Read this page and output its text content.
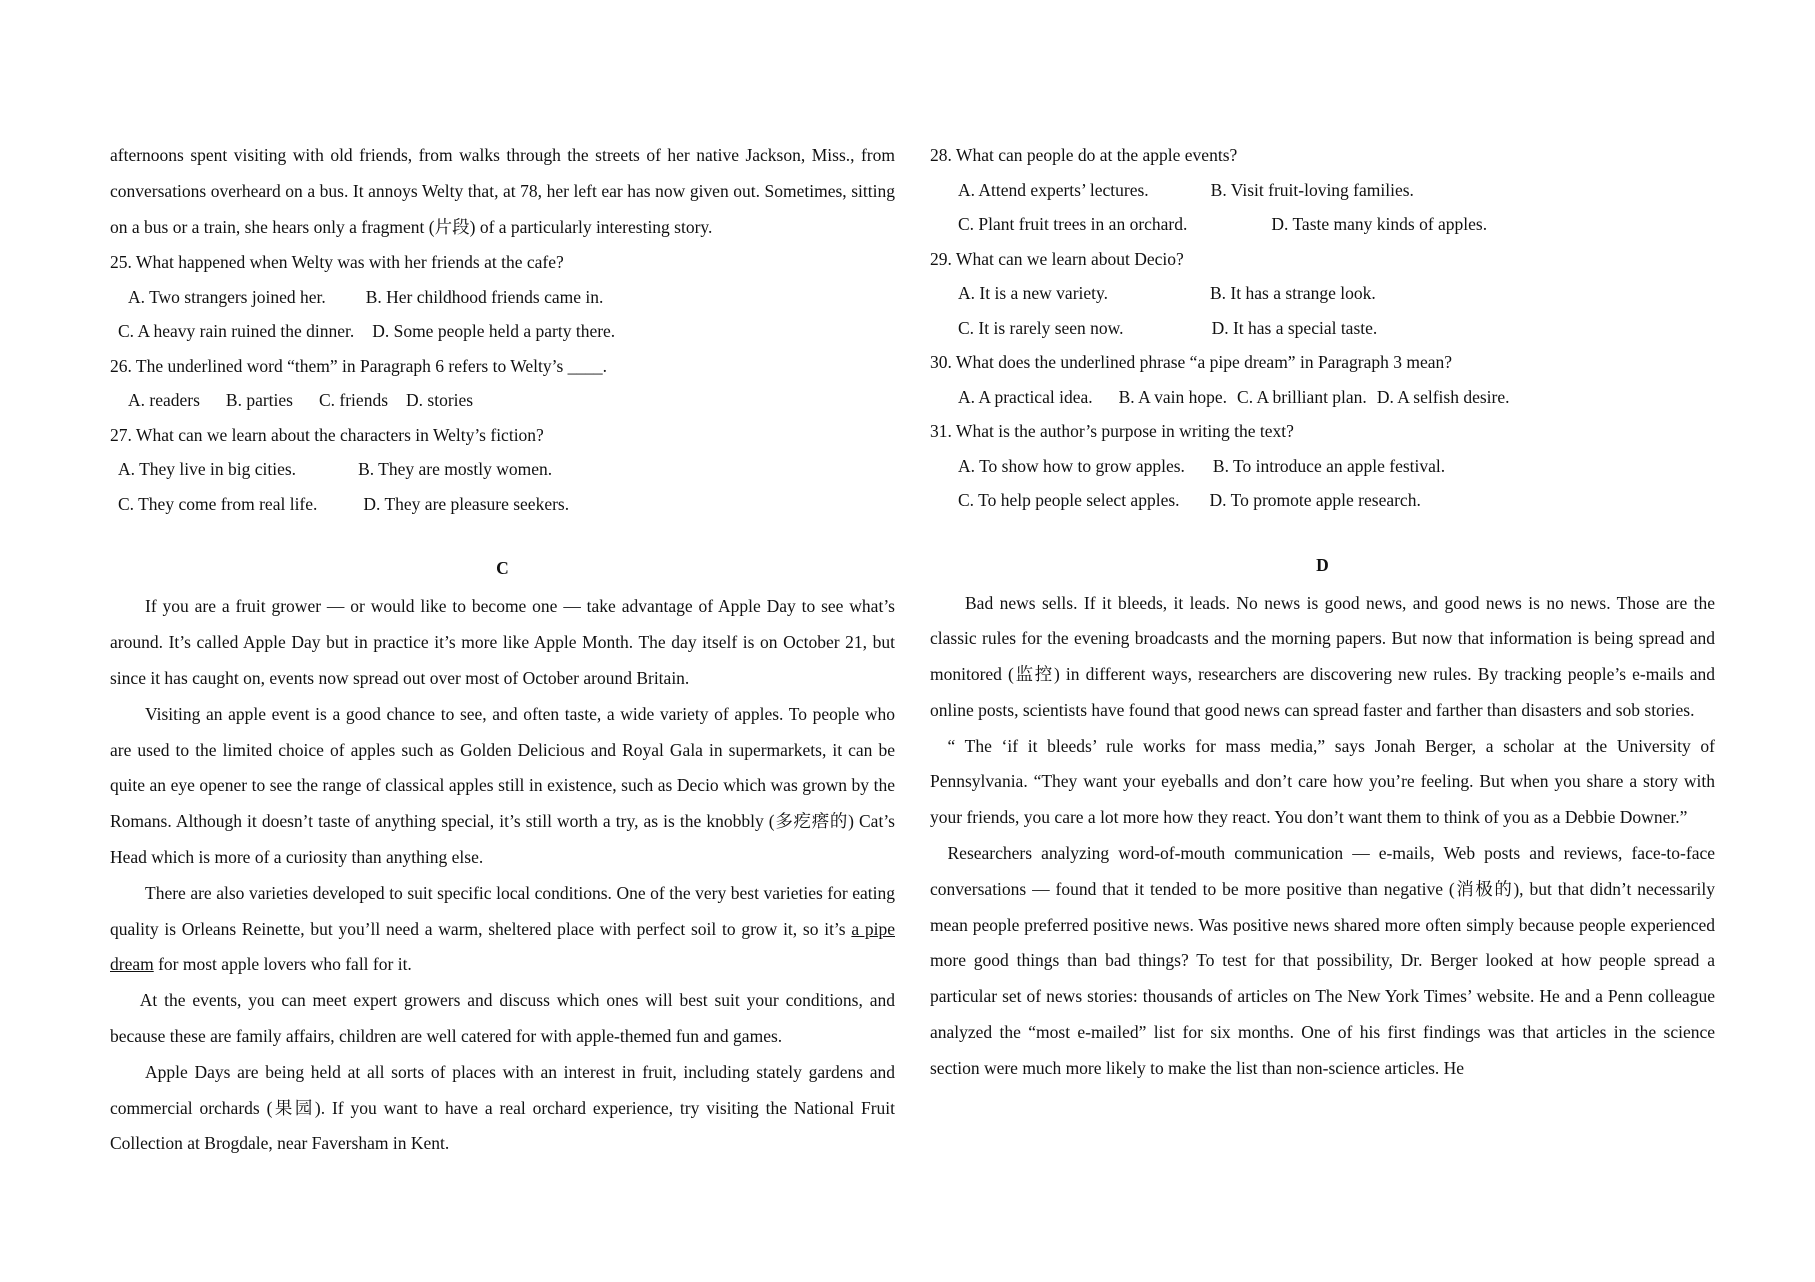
afternoons spent visiting with old friends, from walks through the streets of her native Jackson, Miss., from conversations overheard on a bus. It annoys Welty that, at 78, her left ear has now given out. Sometimes, sitting on a bus or a train, she hears only a fragment (片段) of a particularly interesting story.

25. What happened when Welty was with her friends at the cafe?

A. Two strangers joined her. B. Her childhood friends came in.

C. A heavy rain ruined the dinner. D. Some people held a party there.

26. The underlined word “them” in Paragraph 6 refers to Welty’s ____.

A. readers B. parties C. friends D. stories

27. What can we learn about the characters in Welty’s fiction?

A. They live in big cities.	B. They are mostly women.

C. They come from real life.	D. They are pleasure seekers.

C

If you are a fruit grower — or would like to become one — take advantage of Apple Day to see what’s around. It’s called Apple Day but in practice it’s more like Apple Month. The day itself is on October 21, but since it has caught on, events now spread out over most of October around Britain.

Visiting an apple event is a good chance to see, and often taste, a wide variety of apples. To people who are used to the limited choice of apples such as Golden Delicious and Royal Gala in supermarkets, it can be quite an eye opener to see the range of classical apples still in existence, such as Decio which was grown by the Romans. Although it doesn’t taste of anything special, it’s still worth a try, as is the knobbly (多疙瘩的) Cat’s Head which is more of a curiosity than anything else.

There are also varieties developed to suit specific local conditions. One of the very best varieties for eating quality is Orleans Reinette, but you’ll need a warm, sheltered place with perfect soil to grow it, so it’s a pipe dream for most apple lovers who fall for it.

At the events, you can meet expert growers and discuss which ones will best suit your conditions, and because these are family affairs, children are well catered for with apple-themed fun and games.

Apple Days are being held at all sorts of places with an interest in fruit, including stately gardens and commercial orchards (果园). If you want to have a real orchard experience, try visiting the National Fruit Collection at Brogdale, near Faversham in Kent.

28. What can people do at the apple events?

A. Attend experts’ lectures.	B. Visit fruit-loving families.

C. Plant fruit trees in an orchard.	D. Taste many kinds of apples.

29. What can we learn about Decio?

A. It is a new variety.	B. It has a strange look.

C. It is rarely seen now.	D. It has a special taste.

30. What does the underlined phrase “a pipe dream” in Paragraph 3 mean?

A. A practical idea. B. A vain hope. C. A brilliant plan. D. A selfish desire.

31. What is the author’s purpose in writing the text?

A. To show how to grow apples. B. To introduce an apple festival.

C. To help people select apples. D. To promote apple research.

D

Bad news sells. If it bleeds, it leads. No news is good news, and good news is no news. Those are the classic rules for the evening broadcasts and the morning papers. But now that information is being spread and monitored (监控) in different ways, researchers are discovering new rules. By tracking people’s e-mails and online posts, scientists have found that good news can spread faster and farther than disasters and sob stories.

“ The ‘if it bleeds’ rule works for mass media,” says Jonah Berger, a scholar at the University of Pennsylvania. “They want your eyeballs and don’t care how you’re feeling. But when you share a story with your friends, you care a lot more how they react. You don’t want them to think of you as a Debbie Downer.”

Researchers analyzing word-of-mouth communication — e-mails, Web posts and reviews, face-to-face conversations — found that it tended to be more positive than negative (消极的), but that didn’t necessarily mean people preferred positive news. Was positive news shared more often simply because people experienced more good things than bad things? To test for that possibility, Dr. Berger looked at how people spread a particular set of news stories: thousands of articles on The New York Times’ website. He and a Penn colleague analyzed the “most e-mailed” list for six months. One of his first findings was that articles in the science section were much more likely to make the list than non-science articles. He
